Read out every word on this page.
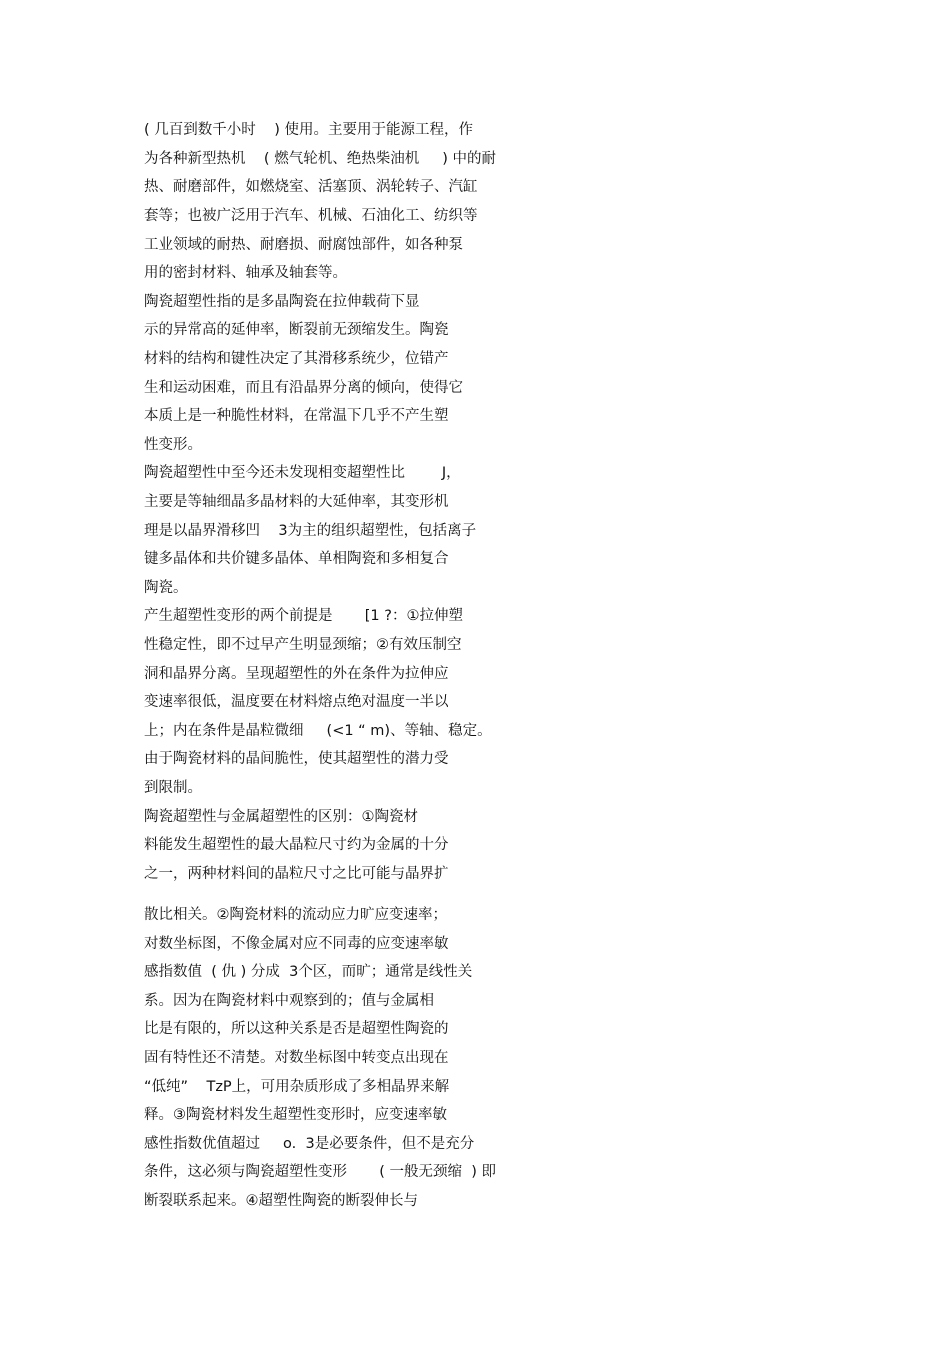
( 几百到数千小时    ) 使用。主要用于能源工程，作
为各种新型热机    ( 燃气轮机、绝热柴油机     ) 中的耐
热、耐磨部件，如燃烧室、活塞顶、涡轮转子、汽缸
套等；也被广泛用于汽车、机械、石油化工、纺织等
工业领域的耐热、耐磨损、耐腐蚀部件，如各种泵
用的密封材料、轴承及轴套等。
陶瓷超塑性指的是多晶陶瓷在拉伸载荷下显
示的异常高的延伸率，断裂前无颈缩发生。陶瓷
材料的结构和键性决定了其滑移系统少，位错产
生和运动困难，而且有沿晶界分离的倾向，使得它
本质上是一种脆性材料，在常温下几乎不产生塑
性变形。
陶瓷超塑性中至今还未发现相变超塑性比        J，
主要是等轴细晶多晶材料的大延伸率，其变形机
理是以晶界滑移凹    3为主的组织超塑性，包括离子
键多晶体和共价键多晶体、单相陶瓷和多相复合
陶瓷。
产生超塑性变形的两个前提是       [1 ?：①拉伸塑
性稳定性，即不过早产生明显颈缩；②有效压制空
洞和晶界分离。呈现超塑性的外在条件为拉伸应
变速率很低，温度要在材料熔点绝对温度一半以
上；内在条件是晶粒微细     (<1 “ m)、等轴、稳定。
由于陶瓷材料的晶间脆性，使其超塑性的潜力受
到限制。
陶瓷超塑性与金属超塑性的区别：①陶瓷材
料能发生超塑性的最大晶粒尺寸约为金属的十分
之一，两种材料间的晶粒尺寸之比可能与晶界扩
散比相关。②陶瓷材料的流动应力旷应变速率；
对数坐标图，不像金属对应不同毒的应变速率敏
感指数值  ( 仇 ) 分成  3个区，而旷；通常是线性关
系。因为在陶瓷材料中观察到的；值与金属相
比是有限的，所以这种关系是否是超塑性陶瓷的
固有特性还不清楚。对数坐标图中转变点出现在
“低纯”    TzP上，可用杂质形成了多相晶界来解
释。③陶瓷材料发生超塑性变形时，应变速率敏
感性指数优值超过     o.  3是必要条件，但不是充分
条件，这必须与陶瓷超塑性变形       ( 一般无颈缩  ) 即
断裂联系起来。④超塑性陶瓷的断裂伸长与
